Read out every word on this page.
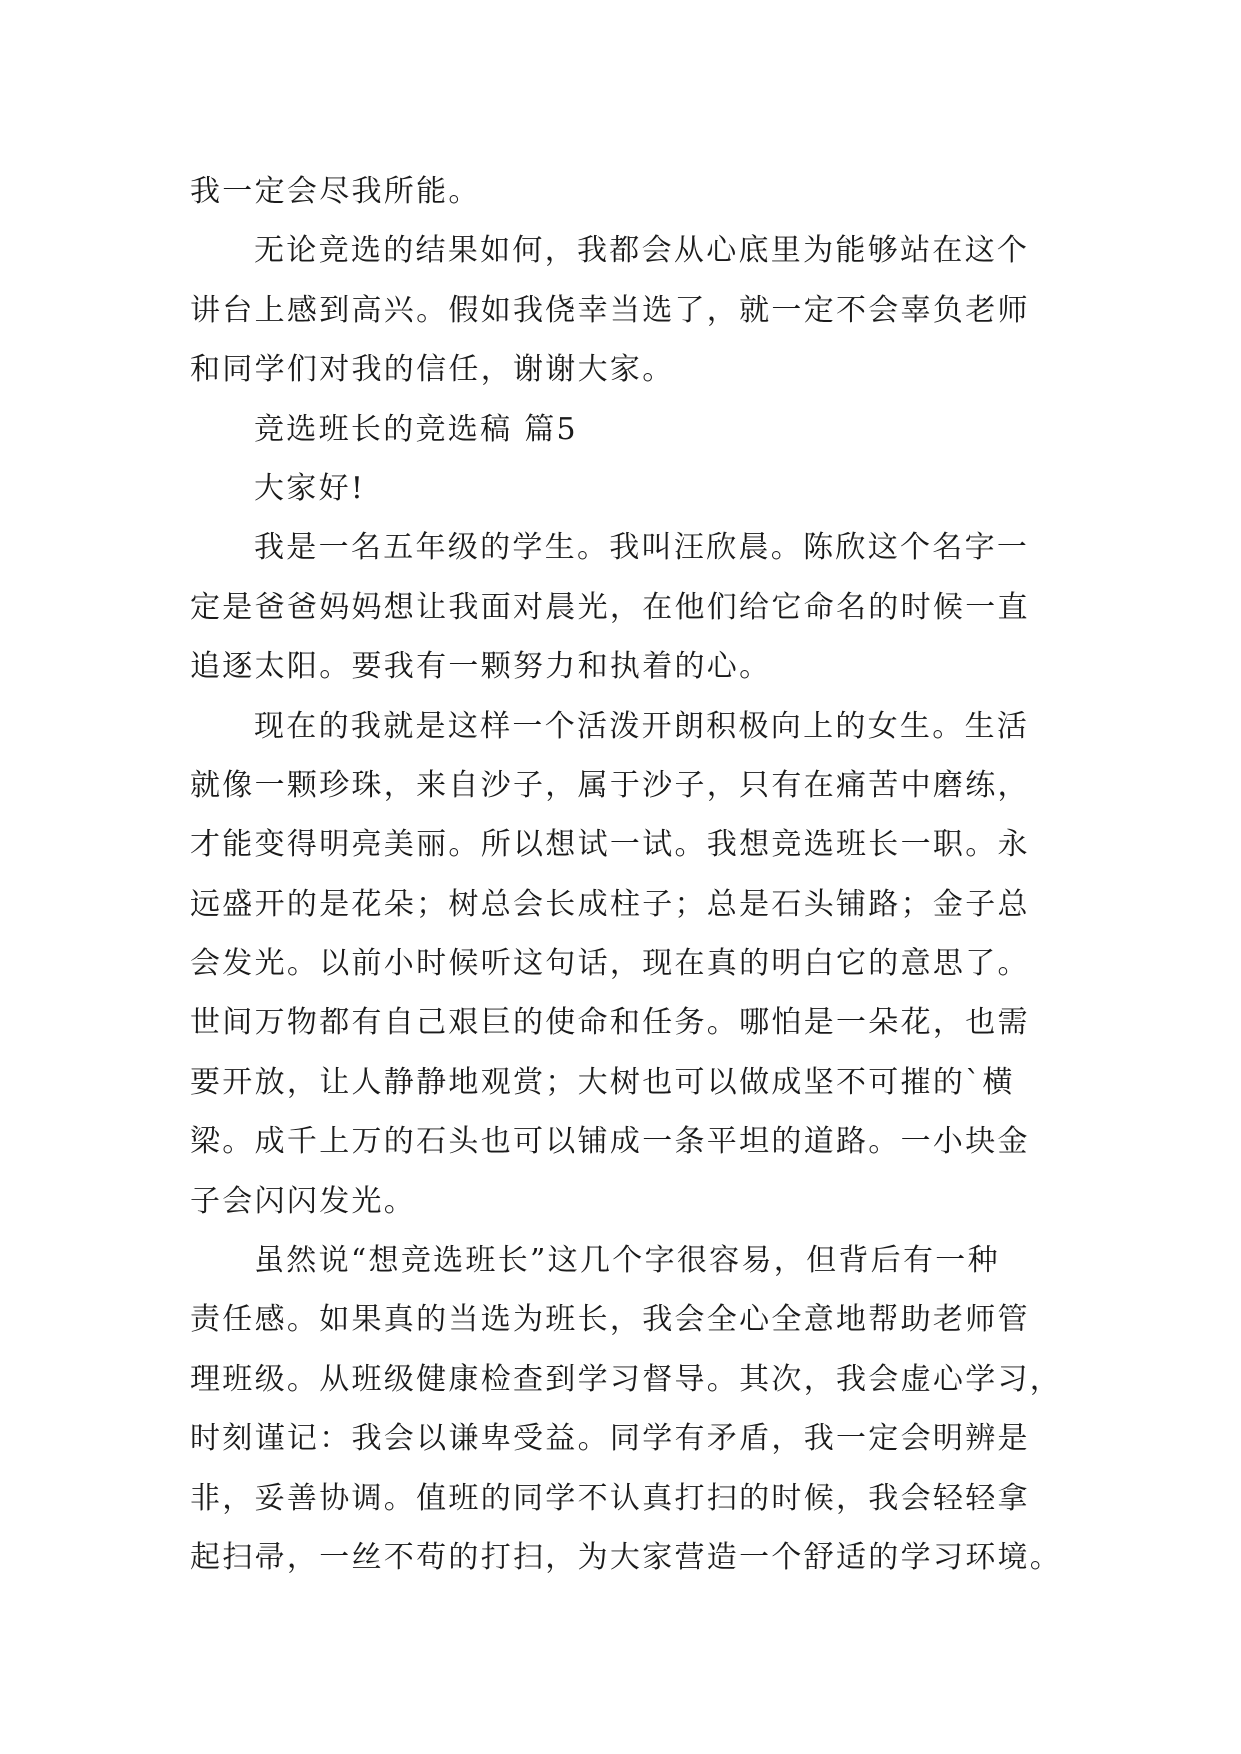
我一定会尽我所能。
无论竞选的结果如何，我都会从心底里为能够站在这个
讲台上感到高兴。假如我侥幸当选了，就一定不会辜负老师
和同学们对我的信任，谢谢大家。
竞选班长的竞选稿 篇5
大家好!
我是一名五年级的学生。我叫汪欣晨。陈欣这个名字一
定是爸爸妈妈想让我面对晨光，在他们给它命名的时候一直
追逐太阳。要我有一颗努力和执着的心。
现在的我就是这样一个活泼开朗积极向上的女生。生活
就像一颗珍珠，来自沙子，属于沙子，只有在痛苦中磨练，
才能变得明亮美丽。所以想试一试。我想竞选班长一职。永
远盛开的是花朵；树总会长成柱子；总是石头铺路；金子总
会发光。以前小时候听这句话，现在真的明白它的意思了。
世间万物都有自己艰巨的使命和任务。哪怕是一朵花，也需
要开放，让人静静地观赏；大树也可以做成坚不可摧的`横
梁。成千上万的石头也可以铺成一条平坦的道路。一小块金
子会闪闪发光。
虽然说“想竞选班长”这几个字很容易，但背后有一种
责任感。如果真的当选为班长，我会全心全意地帮助老师管
理班级。从班级健康检查到学习督导。其次，我会虚心学习，
时刻谨记：我会以谦卑受益。同学有矛盾，我一定会明辨是
非，妥善协调。值班的同学不认真打扫的时候，我会轻轻拿
起扫帚，一丝不苟的打扫，为大家营造一个舒适的学习环境。
